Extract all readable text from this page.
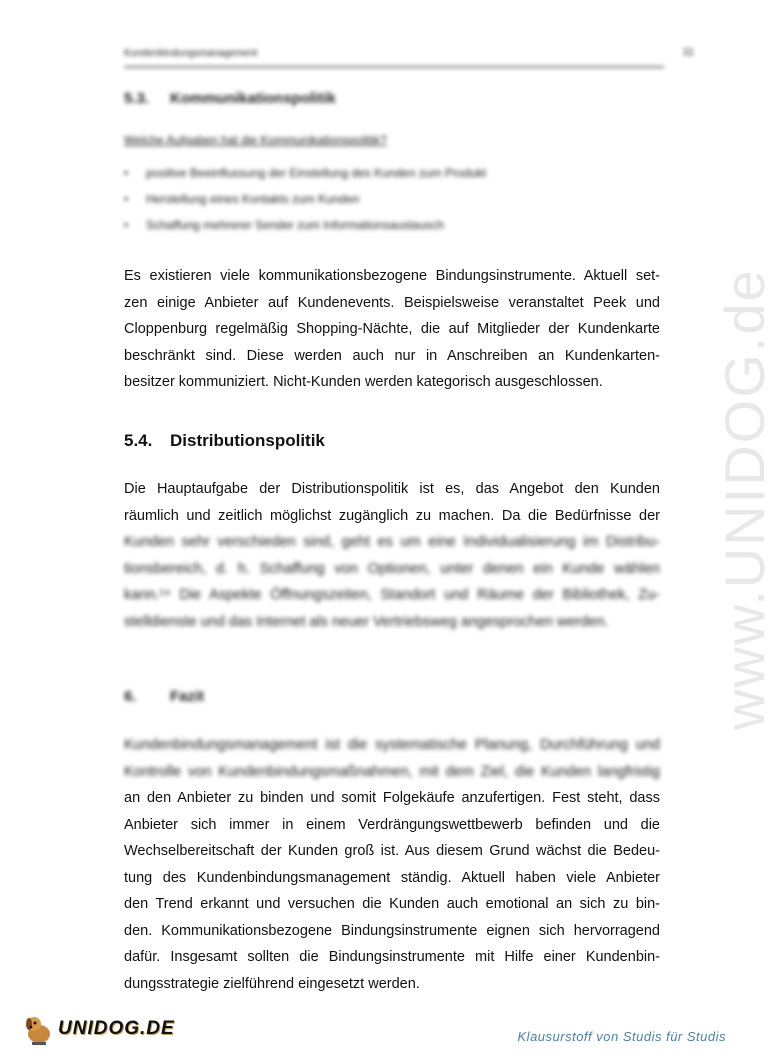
Kundenbindungsmanagement	11
5.3. Kommunikationspolitik
Welche Aufgaben hat die Kommunikationspolitik?
• positive Beeinflussung der Einstellung des Kunden zum Produkt
• Herstellung eines Kontakts zum Kunden
• Schaffung mehrerer Sender zum Informationsaustausch

Es existieren viele kommunikationsbezogene Bindungsinstrumente. Aktuell set-
zen einige Anbieter auf Kundenevents. Beispielsweise veranstaltet Peek und
Cloppenburg regelmäßig Shopping-Nächte, die auf Mitglieder der Kundenkarte
beschränkt sind. Diese werden auch nur in Anschreiben an Kundenkarten-
besitzer kommuniziert. Nicht-Kunden werden kategorisch ausgeschlossen.

5.4. Distributionspolitik

Die Hauptaufgabe der Distributionspolitik ist es, das Angebot den Kunden
räumlich und zeitlich möglichst zugänglich zu machen. Da die Bedürfnisse der

Kunden sehr verschieden sind, geht es um eine Individualisierung im Distribu-
tionsbereich, d. h. Schaffung von Optionen, unter denen ein Kunde wählen
kann.¹⁴ Die Aspekte Öffnungszeiten, Standort und Räume der Bibliothek, Zu-
stelldienste und das Internet als neuer Vertriebsweg angesprochen werden.

6. Fazit

Kundenbindungsmanagement ist die systematische Planung, Durchführung und
Kontrolle von Kundenbindungsmaßnahmen, mit dem Ziel, die Kunden langfristig

an den Anbieter zu binden und somit Folgekäufe anzufertigen. Fest steht, dass
Anbieter sich immer in einem Verdrängungswettbewerb befinden und die
Wechselbereitschaft der Kunden groß ist. Aus diesem Grund wächst die Bedeu-
tung des Kundenbindungsmanagement ständig. Aktuell haben viele Anbieter
den Trend erkannt und versuchen die Kunden auch emotional an sich zu bin-
den. Kommunikationsbezogene Bindungsinstrumente eignen sich hervorragend
dafür. Insgesamt sollten die Bindungsinstrumente mit Hilfe einer Kundenbin-
dungsstrategie zielführend eingesetzt werden.

www.UNIDOG.de
UNIDOG.DE	Klausurstoff von Studis für Studis
